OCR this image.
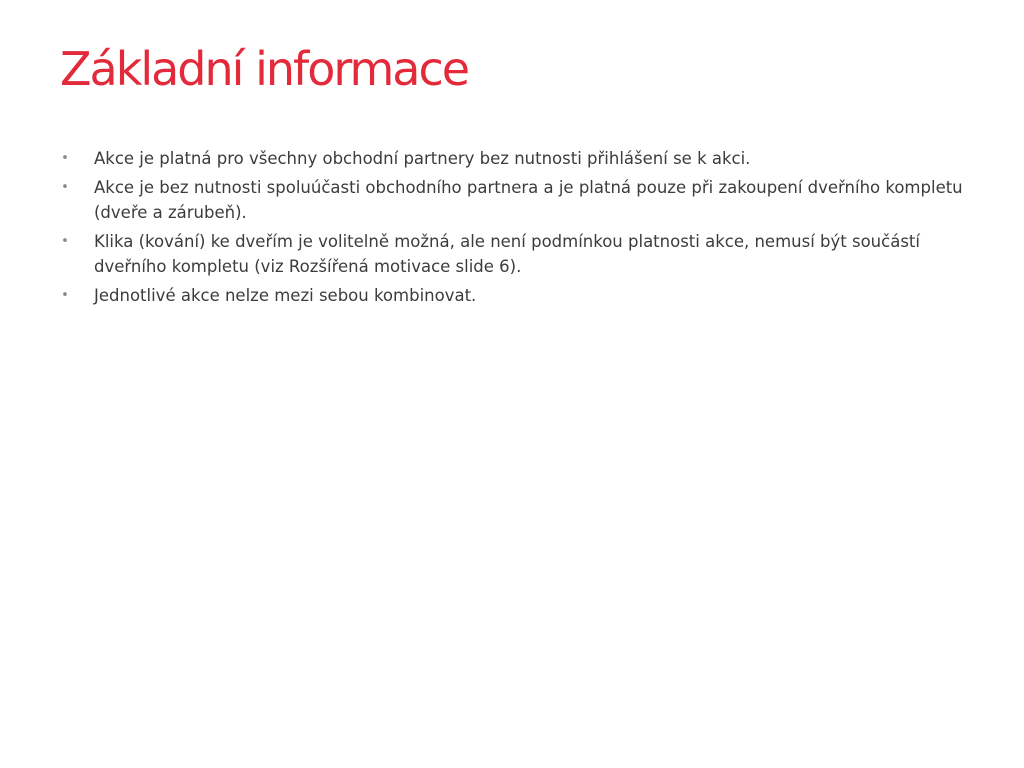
Základní informace
• Akce je platná pro všechny obchodní partnery bez nutnosti přihlášení se k akci.
• Akce je bez nutnosti spoluúčasti obchodního partnera a je platná pouze při zakoupení dveřního kompletu (dveře a zárubeň).
• Klika (kování) ke dveřím je volitelně možná, ale není podmínkou platnosti akce, nemusí být součástí dveřního kompletu (viz Rozšířená motivace slide 6).
• Jednotlivé akce nelze mezi sebou kombinovat.
